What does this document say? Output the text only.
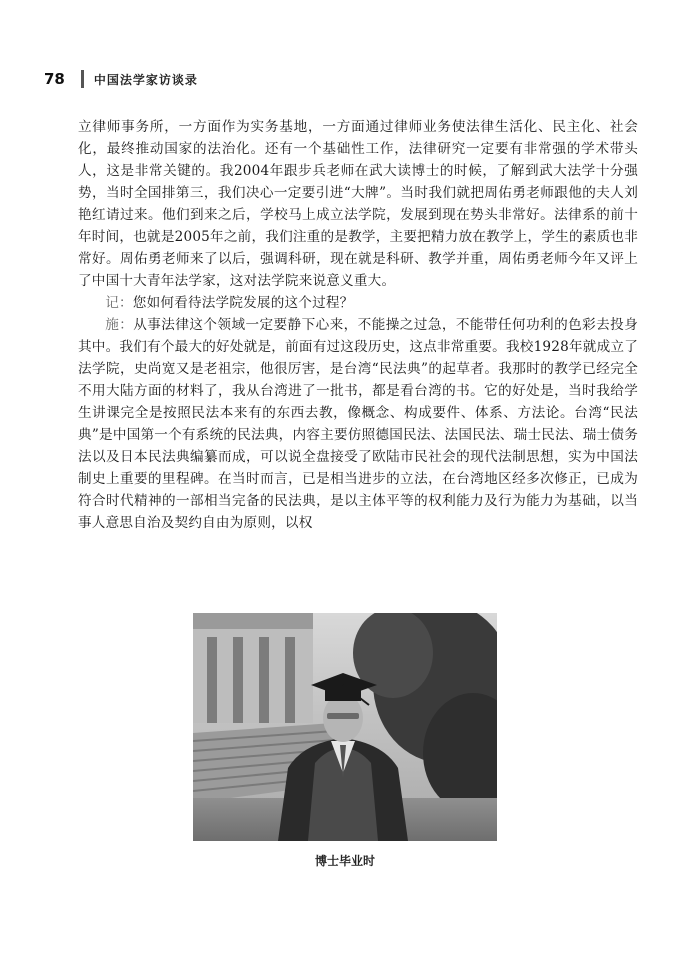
78 中国法学家访谈录

立律师事务所，一方面作为实务基地，一方面通过律师业务使法律生活化、民主化、社会化，最终推动国家的法治化。还有一个基础性工作，法律研究一定要有非常强的学术带头人，这是非常关键的。我2004年跟步兵老师在武大读博士的时候，了解到武大法学十分强势，当时全国排第三，我们决心一定要引进“大牌”。当时我们就把周佑勇老师跟他的夫人刘艳红请过来。他们到来之后，学校马上成立法学院，发展到现在势头非常好。法律系的前十年时间，也就是2005年之前，我们注重的是教学，主要把精力放在教学上，学生的素质也非常好。周佑勇老师来了以后，强调科研，现在就是科研、教学并重，周佑勇老师今年又评上了中国十大青年法学家，这对法学院来说意义重大。

记：您如何看待法学院发展的这个过程？

施：从事法律这个领域一定要静下心来，不能操之过急，不能带任何功利的色彩去投身其中。我们有个最大的好处就是，前面有过这段历史，这点非常重要。我校1928年就成立了法学院，史尚宽又是老祖宗，他很厉害，是台湾“民法典”的起草者。我那时的教学已经完全不用大陆方面的材料了，我从台湾进了一批书，都是看台湾的书。它的好处是，当时我给学生讲课完全是按照民法本来有的东西去教，像概念、构成要件、体系、方法论。台湾“民法典”是中国第一个有系统的民法典，内容主要仿照德国民法、法国民法、瑞士民法、瑞士债务法以及日本民法典编纂而成，可以说全盘接受了欧陆市民社会的现代法制思想，实为中国法制史上重要的里程碑。在当时而言，已是相当进步的立法，在台湾地区经多次修正，已成为符合时代精神的一部相当完备的民法典，是以主体平等的权利能力及行为能力为基础，以当事人意思自治及契约自由为原则，以权

博士毕业时
